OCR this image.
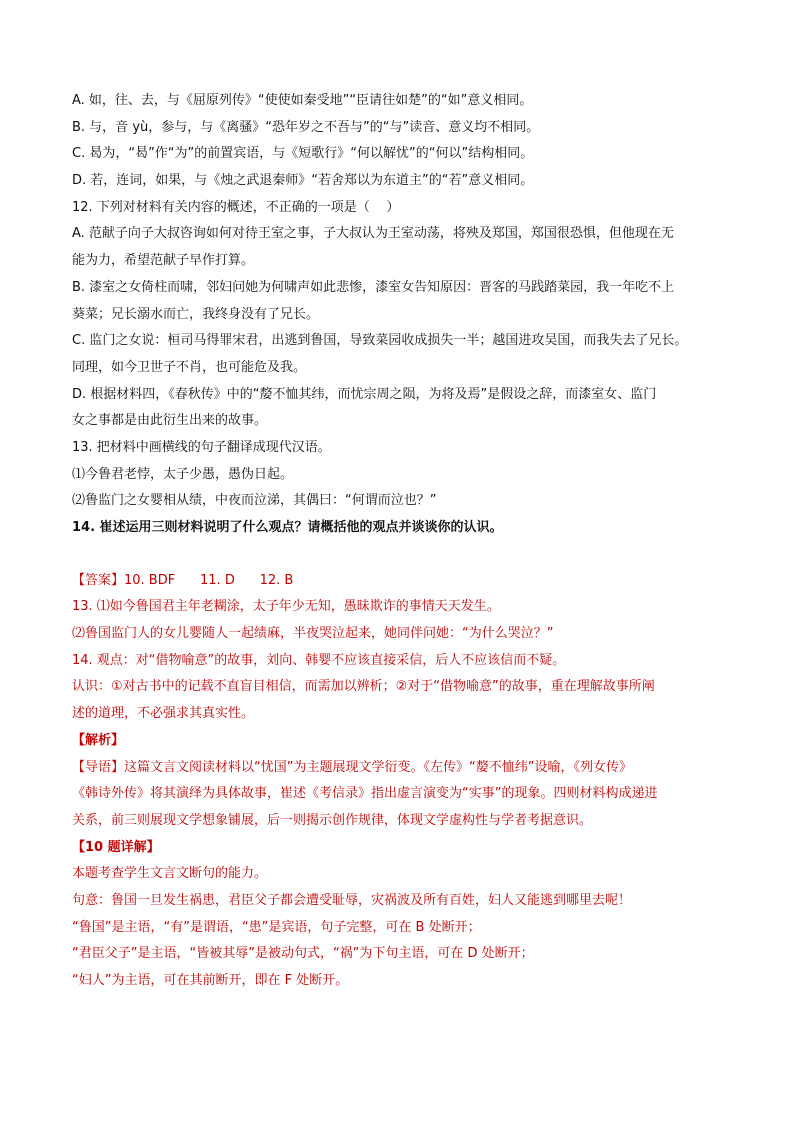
A. 如，往、去，与《屈原列传》“使使如秦受地”“臣请往如楚”的“如”意义相同。

B. 与，音 yù，参与，与《离骚》“恐年岁之不吾与”的“与”读音、意义均不相同。

C. 曷为，“曷”作“为”的前置宾语，与《短歌行》“何以解忧”的“何以”结构相同。

D. 若，连词，如果，与《烛之武退秦师》“若舍郑以为东道主”的“若”意义相同。

12. 下列对材料有关内容的概述，不正确的一项是（    ）

A. 范献子向子大叔咨询如何对待王室之事，子大叔认为王室动荡，将殃及郑国，郑国很恐惧，但他现在无

能为力，希望范献子早作打算。

B. 漆室之女倚柱而啸，邻妇问她为何啸声如此悲惨，漆室女告知原因：晋客的马践踏菜园，我一年吃不上

葵菜；兄长溺水而亡，我终身没有了兄长。

C. 监门之女说：桓司马得罪宋君，出逃到鲁国，导致菜园收成损失一半；越国进攻吴国，而我失去了兄长。

同理，如今卫世子不肖，也可能危及我。

D. 根据材料四，《春秋传》中的“嫠不恤其纬，而忧宗周之陨，为将及焉”是假设之辞，而漆室女、监门

女之事都是由此衍生出来的故事。

13. 把材料中画横线的句子翻译成现代汉语。

⑴今鲁君老悖，太子少愚，愚伪日起。

⑵鲁监门之女婴相从绩，中夜而泣涕，其偶曰：“何谓而泣也？”

14. 崔述运用三则材料说明了什么观点？请概括他的观点并谈谈你的认识。

【答案】10. BDF      11. D      12. B

13. ⑴如今鲁国君主年老糊涂，太子年少无知，愚昧欺诈的事情天天发生。

⑵鲁国监门人的女儿婴随人一起绩麻，半夜哭泣起来，她同伴问她：“为什么哭泣？”

14. 观点：对“借物喻意”的故事，刘向、韩婴不应该直接采信，后人不应该信而不疑。

认识：①对古书中的记载不直盲目相信，而需加以辨析；②对于“借物喻意”的故事，重在理解故事所阐

述的道理，不必强求其真实性。

【解析】

【导语】这篇文言文阅读材料以“忧国”为主题展现文学衍变。《左传》“嫠不恤纬”设喻，《列女传》

《韩诗外传》将其演绎为具体故事，崔述《考信录》指出虚言演变为“实事”的现象。四则材料构成递进

关系，前三则展现文学想象铺展，后一则揭示创作规律，体现文学虚构性与学者考据意识。

【10 题详解】

本题考查学生文言文断句的能力。

句意：鲁国一旦发生祸患，君臣父子都会遭受耻辱，灾祸波及所有百姓，妇人又能逃到哪里去呢！

“鲁国”是主语，“有”是谓语，“患”是宾语，句子完整，可在 B 处断开；

“君臣父子”是主语，“皆被其辱”是被动句式，“祸”为下句主语，可在 D 处断开；

“妇人”为主语，可在其前断开，即在 F 处断开。
